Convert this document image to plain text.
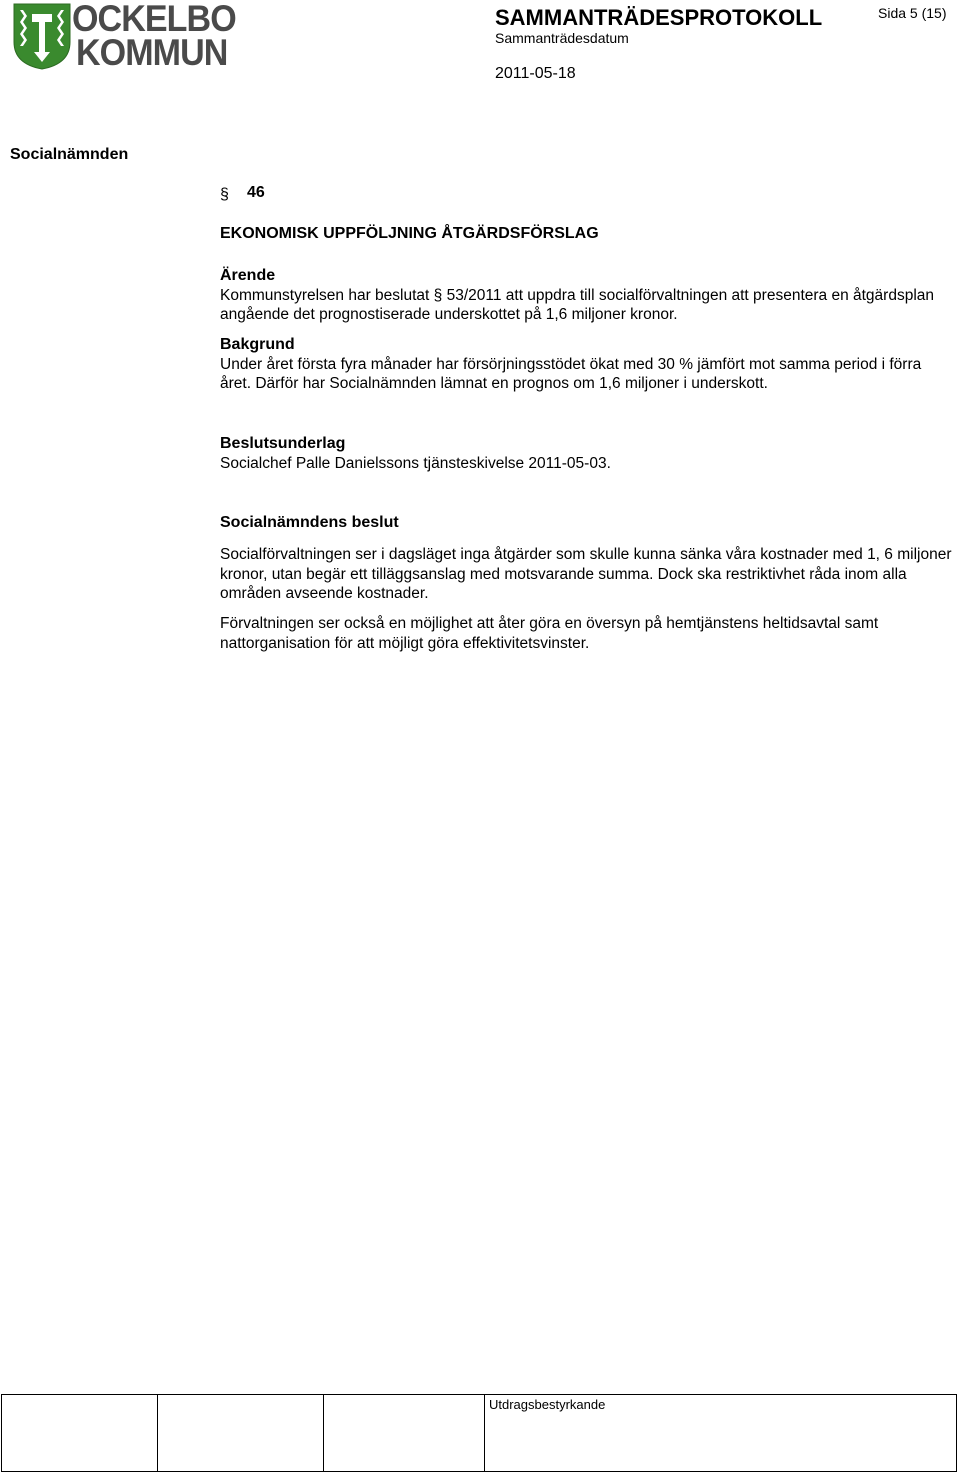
OCKELBO
KOMMUN
SAMMANTRÄDESPROTOKOLL
Sammanträdesdatum
Sida 5 (15)
2011-05-18
Socialnämnden
§ 46
EKONOMISK UPPFÖLJNING ÅTGÄRDSFÖRSLAG
Ärende
Kommunstyrelsen har beslutat § 53/2011 att uppdra till socialförvaltningen att presentera en åtgärdsplan angående det prognostiserade underskottet på 1,6 miljoner kronor.
Bakgrund
Under året första fyra månader har försörjningsstödet ökat med 30 % jämfört mot samma period i förra året. Därför har Socialnämnden lämnat en prognos om 1,6 miljoner i underskott.
Beslutsunderlag
Socialchef Palle Danielssons tjänsteskivelse 2011-05-03.
Socialnämndens beslut
Socialförvaltningen ser i dagsläget inga åtgärder som skulle kunna sänka våra kostnader med 1, 6 miljoner kronor, utan begär ett tilläggsanslag med motsvarande summa. Dock ska restriktivhet råda inom alla områden avseende kostnader.
Förvaltningen ser också en möjlighet att åter göra en översyn på hemtjänstens heltidsavtal samt nattorganisation för att möjligt göra effektivitetsvinster.
Utdragsbestyrkande
